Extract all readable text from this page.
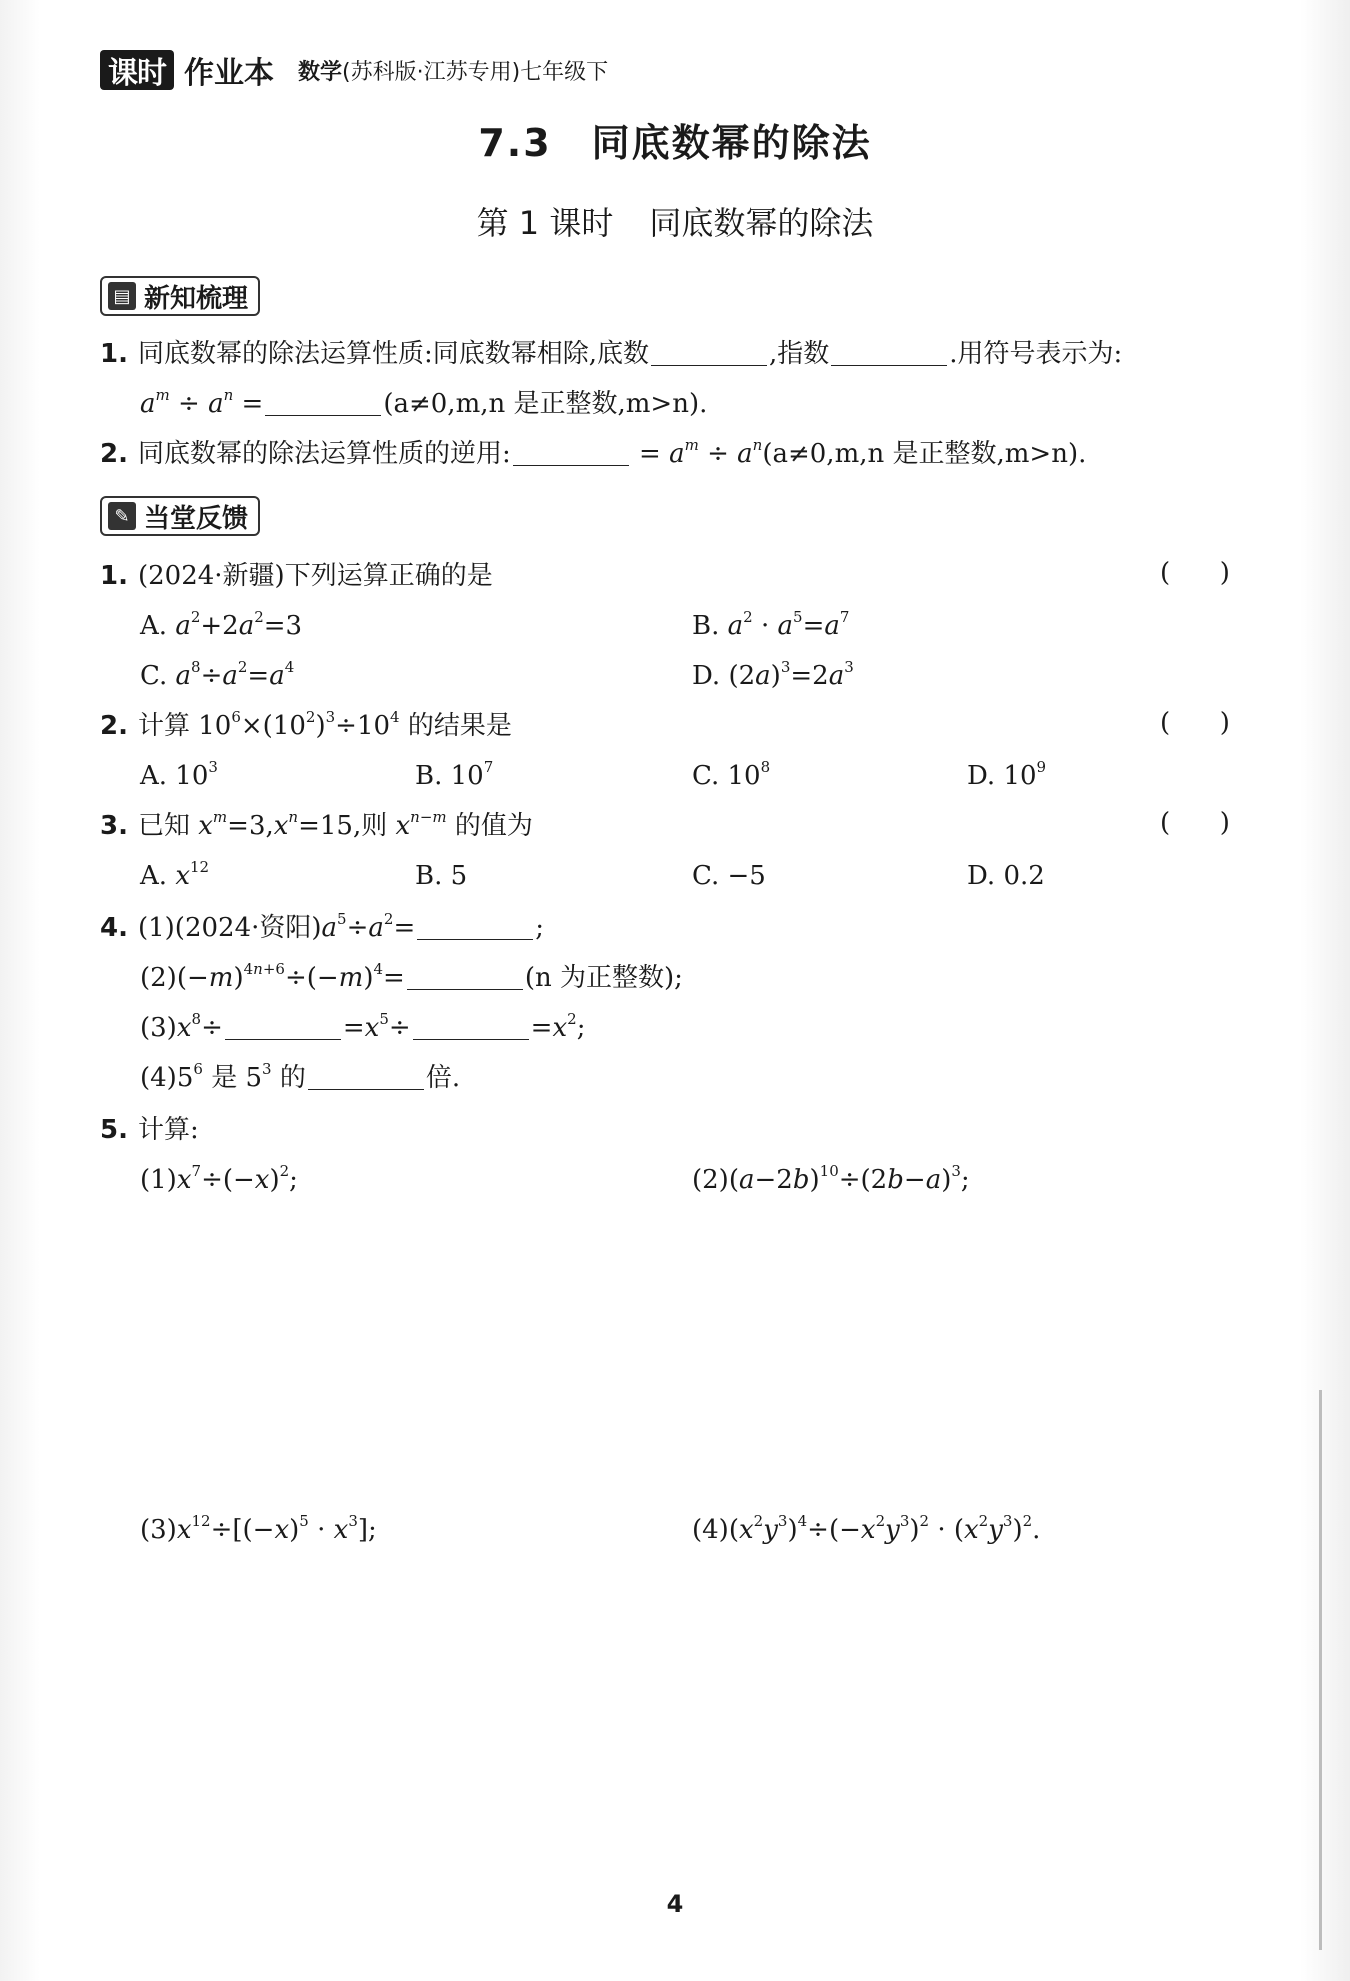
课时 作业本 数学 (苏科版·江苏专用)七年级下
7.3 同底数幂的除法
第 1 课时 同底数幂的除法
▤ 新知梳理
1. 同底数幂的除法运算性质:同底数幂相除,底数	,指数	.用符号表示为:
$a^m \div a^n$ =	(a≠0,m,n 是正整数,m>n).
2. 同底数幂的除法运算性质的逆用:	= $a^m \div a^n(a\ne 0,m,n$ 是正整数,m>n).
✎ 当堂反馈
1. (2024·新疆)下列运算正确的是	(      )
A. $a^2+2a^2=3$	B. $a^2 \cdot a^5=a^7$
C. $a^8\div a^2=a^4$	D. $(2a)^3=2a^3$
2. 计算 $10^6\times(10^2)^3\div 10^4$ 的结果是	(      )
A. $10^3$	B. $10^7$	C. $10^8$	D. $10^9$
3. 已知 $x^m=3,x^n=15$,则 $x^{n-m}$ 的值为	(      )
A. $x^{12}$	B. 5	C. −5	D. 0.2
4. (1)(2024·资阳)$a^5\div a^2=$	;
$(2)(-m)^{4n+6}\div(-m)^4=$	(n 为正整数);
$(3)x^8\div$	$=x^5\div$	$=x^2$;
$(4)5^6$ 是 $5^3$ 的	倍.
5. 计算:
$(1)x^7\div(-x)^2$;	$(2)(a-2b)^{10}\div(2b-a)^3$;
$(3)x^{12}\div[(-x)^5 \cdot x^3]$;	$(4)(x^2y^3)^4\div(-x^2y^3)^2 \cdot (x^2y^3)^2$.
4
